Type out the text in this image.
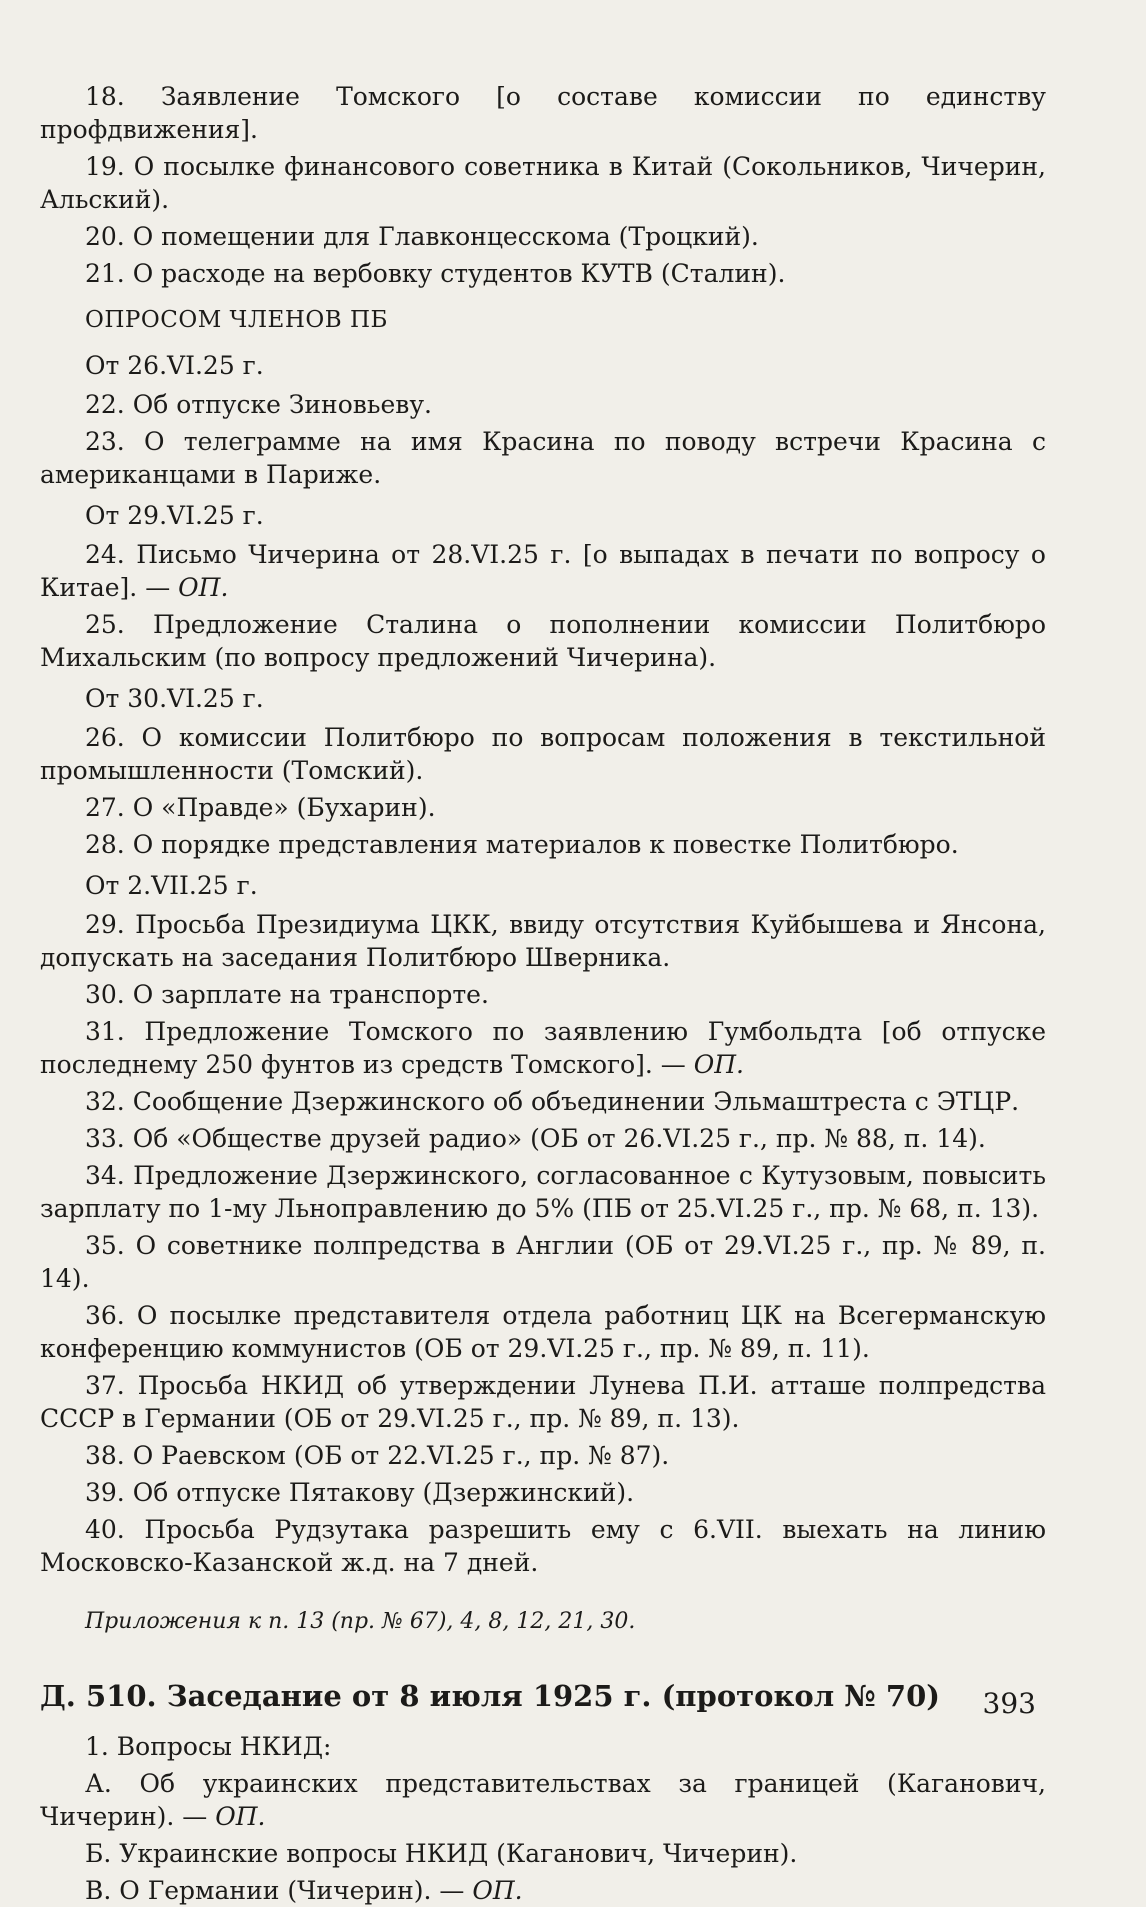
18. Заявление Томского [о составе комиссии по единству профдвижения].

19. О посылке финансового советника в Китай (Сокольников, Чичерин, Альский).

20. О помещении для Главконцесскома (Троцкий).

21. О расходе на вербовку студентов КУТВ (Сталин).

ОПРОСОМ ЧЛЕНОВ ПБ
От 26.VI.25 г.

22. Об отпуске Зиновьеву.

23. О телеграмме на имя Красина по поводу встречи Красина с американцами в Париже.

От 29.VI.25 г.

24. Письмо Чичерина от 28.VI.25 г. [о выпадах в печати по вопросу о Китае]. — ОП.

25. Предложение Сталина о пополнении комиссии Политбюро Михальским (по вопросу предложений Чичерина).

От 30.VI.25 г.

26. О комиссии Политбюро по вопросам положения в текстильной промышленности (Томский).

27. О «Правде» (Бухарин).

28. О порядке представления материалов к повестке Политбюро.

От 2.VII.25 г.

29. Просьба Президиума ЦКК, ввиду отсутствия Куйбышева и Янсона, допускать на заседания Политбюро Шверника.

30. О зарплате на транспорте.

31. Предложение Томского по заявлению Гумбольдта [об отпуске последнему 250 фунтов из средств Томского]. — ОП.

32. Сообщение Дзержинского об объединении Эльмаштреста с ЭТЦР.

33. Об «Обществе друзей радио» (ОБ от 26.VI.25 г., пр. № 88, п. 14).

34. Предложение Дзержинского, согласованное с Кутузовым, повысить зарплату по 1-му Льноправлению до 5% (ПБ от 25.VI.25 г., пр. № 68, п. 13).

35. О советнике полпредства в Англии (ОБ от 29.VI.25 г., пр. № 89, п. 14).

36. О посылке представителя отдела работниц ЦК на Всегерманскую конференцию коммунистов (ОБ от 29.VI.25 г., пр. № 89, п. 11).

37. Просьба НКИД об утверждении Лунева П.И. атташе полпредства СССР в Германии (ОБ от 29.VI.25 г., пр. № 89, п. 13).

38. О Раевском (ОБ от 22.VI.25 г., пр. № 87).

39. Об отпуске Пятакову (Дзержинский).

40. Просьба Рудзутака разрешить ему с 6.VII. выехать на линию Московско-Казанской ж.д. на 7 дней.

Приложения к п. 13 (пр. № 67), 4, 8, 12, 21, 30.
Д. 510. Заседание от 8 июля 1925 г. (протокол № 70)

1. Вопросы НКИД:

А. Об украинских представительствах за границей (Каганович, Чичерин). — ОП.

Б. Украинские вопросы НКИД (Каганович, Чичерин).

В. О Германии (Чичерин). — ОП.

393
